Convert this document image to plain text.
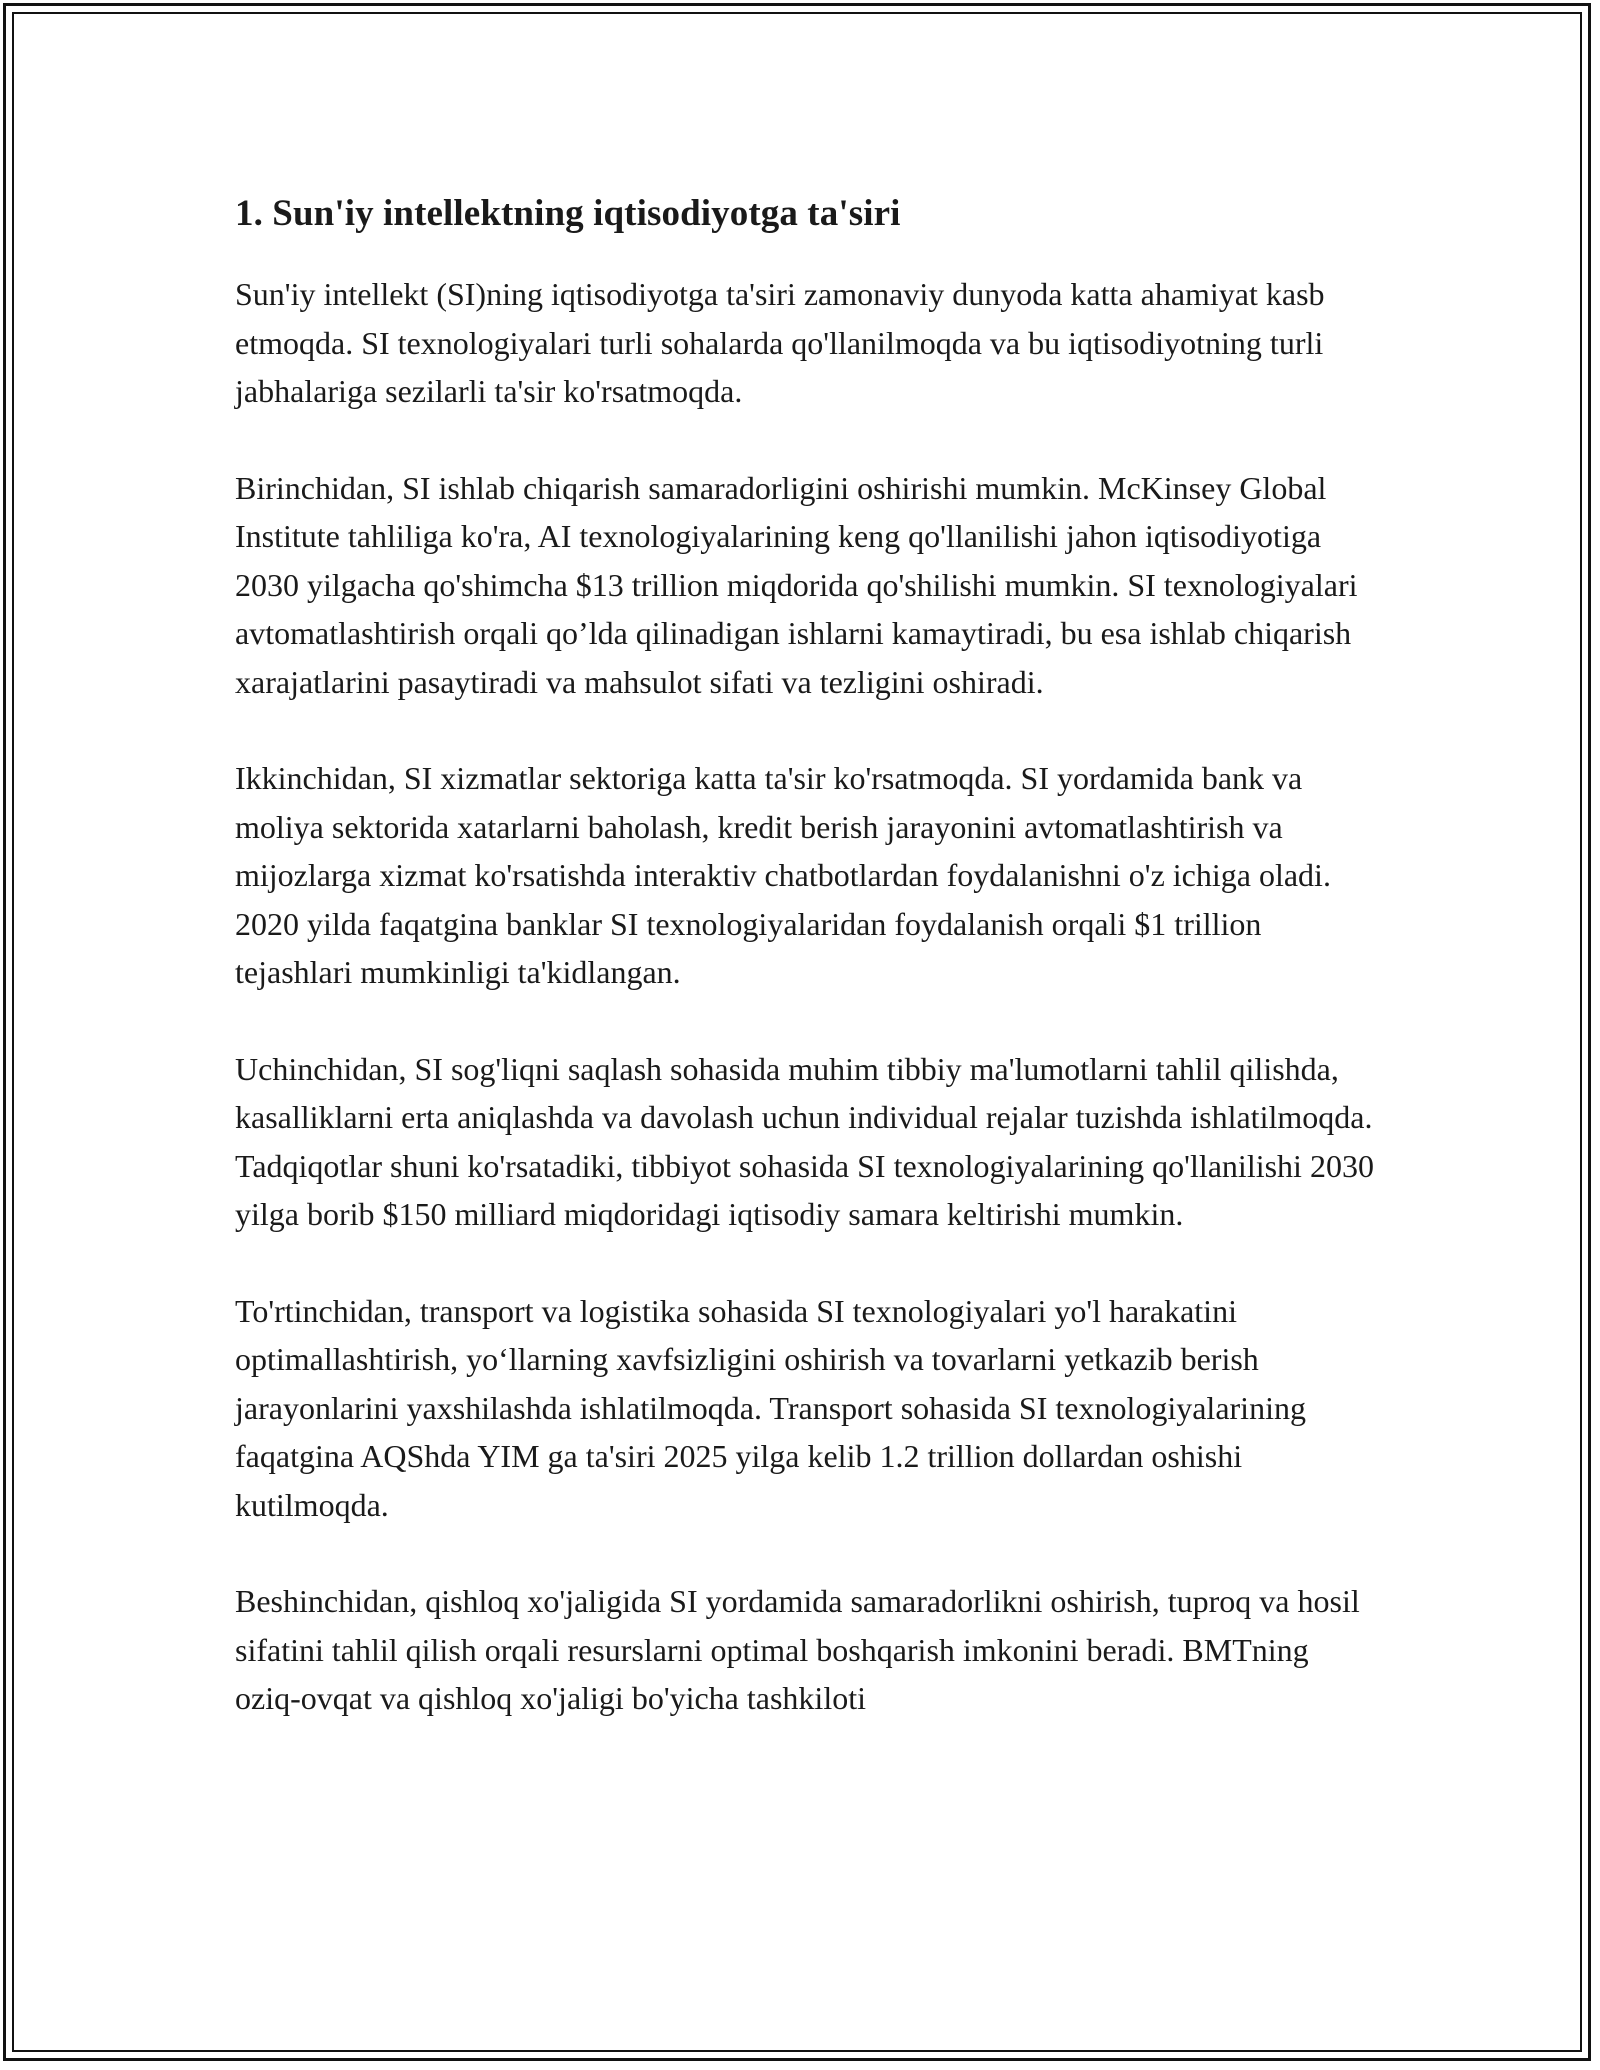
1. Sun'iy intellektning iqtisodiyotga ta'siri

Sun'iy intellekt (SI)ning iqtisodiyotga ta'siri zamonaviy dunyoda katta ahamiyat kasb etmoqda. SI texnologiyalari turli sohalarda qo'llanilmoqda va bu iqtisodiyotning turli jabhalariga sezilarli ta'sir ko'rsatmoqda.

Birinchidan, SI ishlab chiqarish samaradorligini oshirishi mumkin. McKinsey Global Institute tahliliga ko'ra, AI texnologiyalarining keng qo'llanilishi jahon iqtisodiyotiga 2030 yilgacha qo'shimcha $13 trillion miqdorida qo'shilishi mumkin. SI texnologiyalari avtomatlashtirish orqali qo’lda qilinadigan ishlarni kamaytiradi, bu esa ishlab chiqarish xarajatlarini pasaytiradi va mahsulot sifati va tezligini oshiradi.

Ikkinchidan, SI xizmatlar sektoriga katta ta'sir ko'rsatmoqda. SI yordamida bank va moliya sektorida xatarlarni baholash, kredit berish jarayonini avtomatlashtirish va mijozlarga xizmat ko'rsatishda interaktiv chatbotlardan foydalanishni o'z ichiga oladi. 2020 yilda faqatgina banklar SI texnologiyalaridan foydalanish orqali $1 trillion tejashlari mumkinligi ta'kidlangan.

Uchinchidan, SI sog'liqni saqlash sohasida muhim tibbiy ma'lumotlarni tahlil qilishda, kasalliklarni erta aniqlashda va davolash uchun individual rejalar tuzishda ishlatilmoqda. Tadqiqotlar shuni ko'rsatadiki, tibbiyot sohasida SI texnologiyalarining qo'llanilishi 2030 yilga borib $150 milliard miqdoridagi iqtisodiy samara keltirishi mumkin.

To'rtinchidan, transport va logistika sohasida SI texnologiyalari yo'l harakatini optimallashtirish, yo‘llarning xavfsizligini oshirish va tovarlarni yetkazib berish jarayonlarini yaxshilashda ishlatilmoqda. Transport sohasida SI texnologiyalarining faqatgina AQShda YIM ga ta'siri 2025 yilga kelib 1.2 trillion dollardan oshishi kutilmoqda.

Beshinchidan, qishloq xo'jaligida SI yordamida samaradorlikni oshirish, tuproq va hosil sifatini tahlil qilish orqali resurslarni optimal boshqarish imkonini beradi. BMTning oziq-ovqat va qishloq xo'jaligi bo'yicha tashkiloti
